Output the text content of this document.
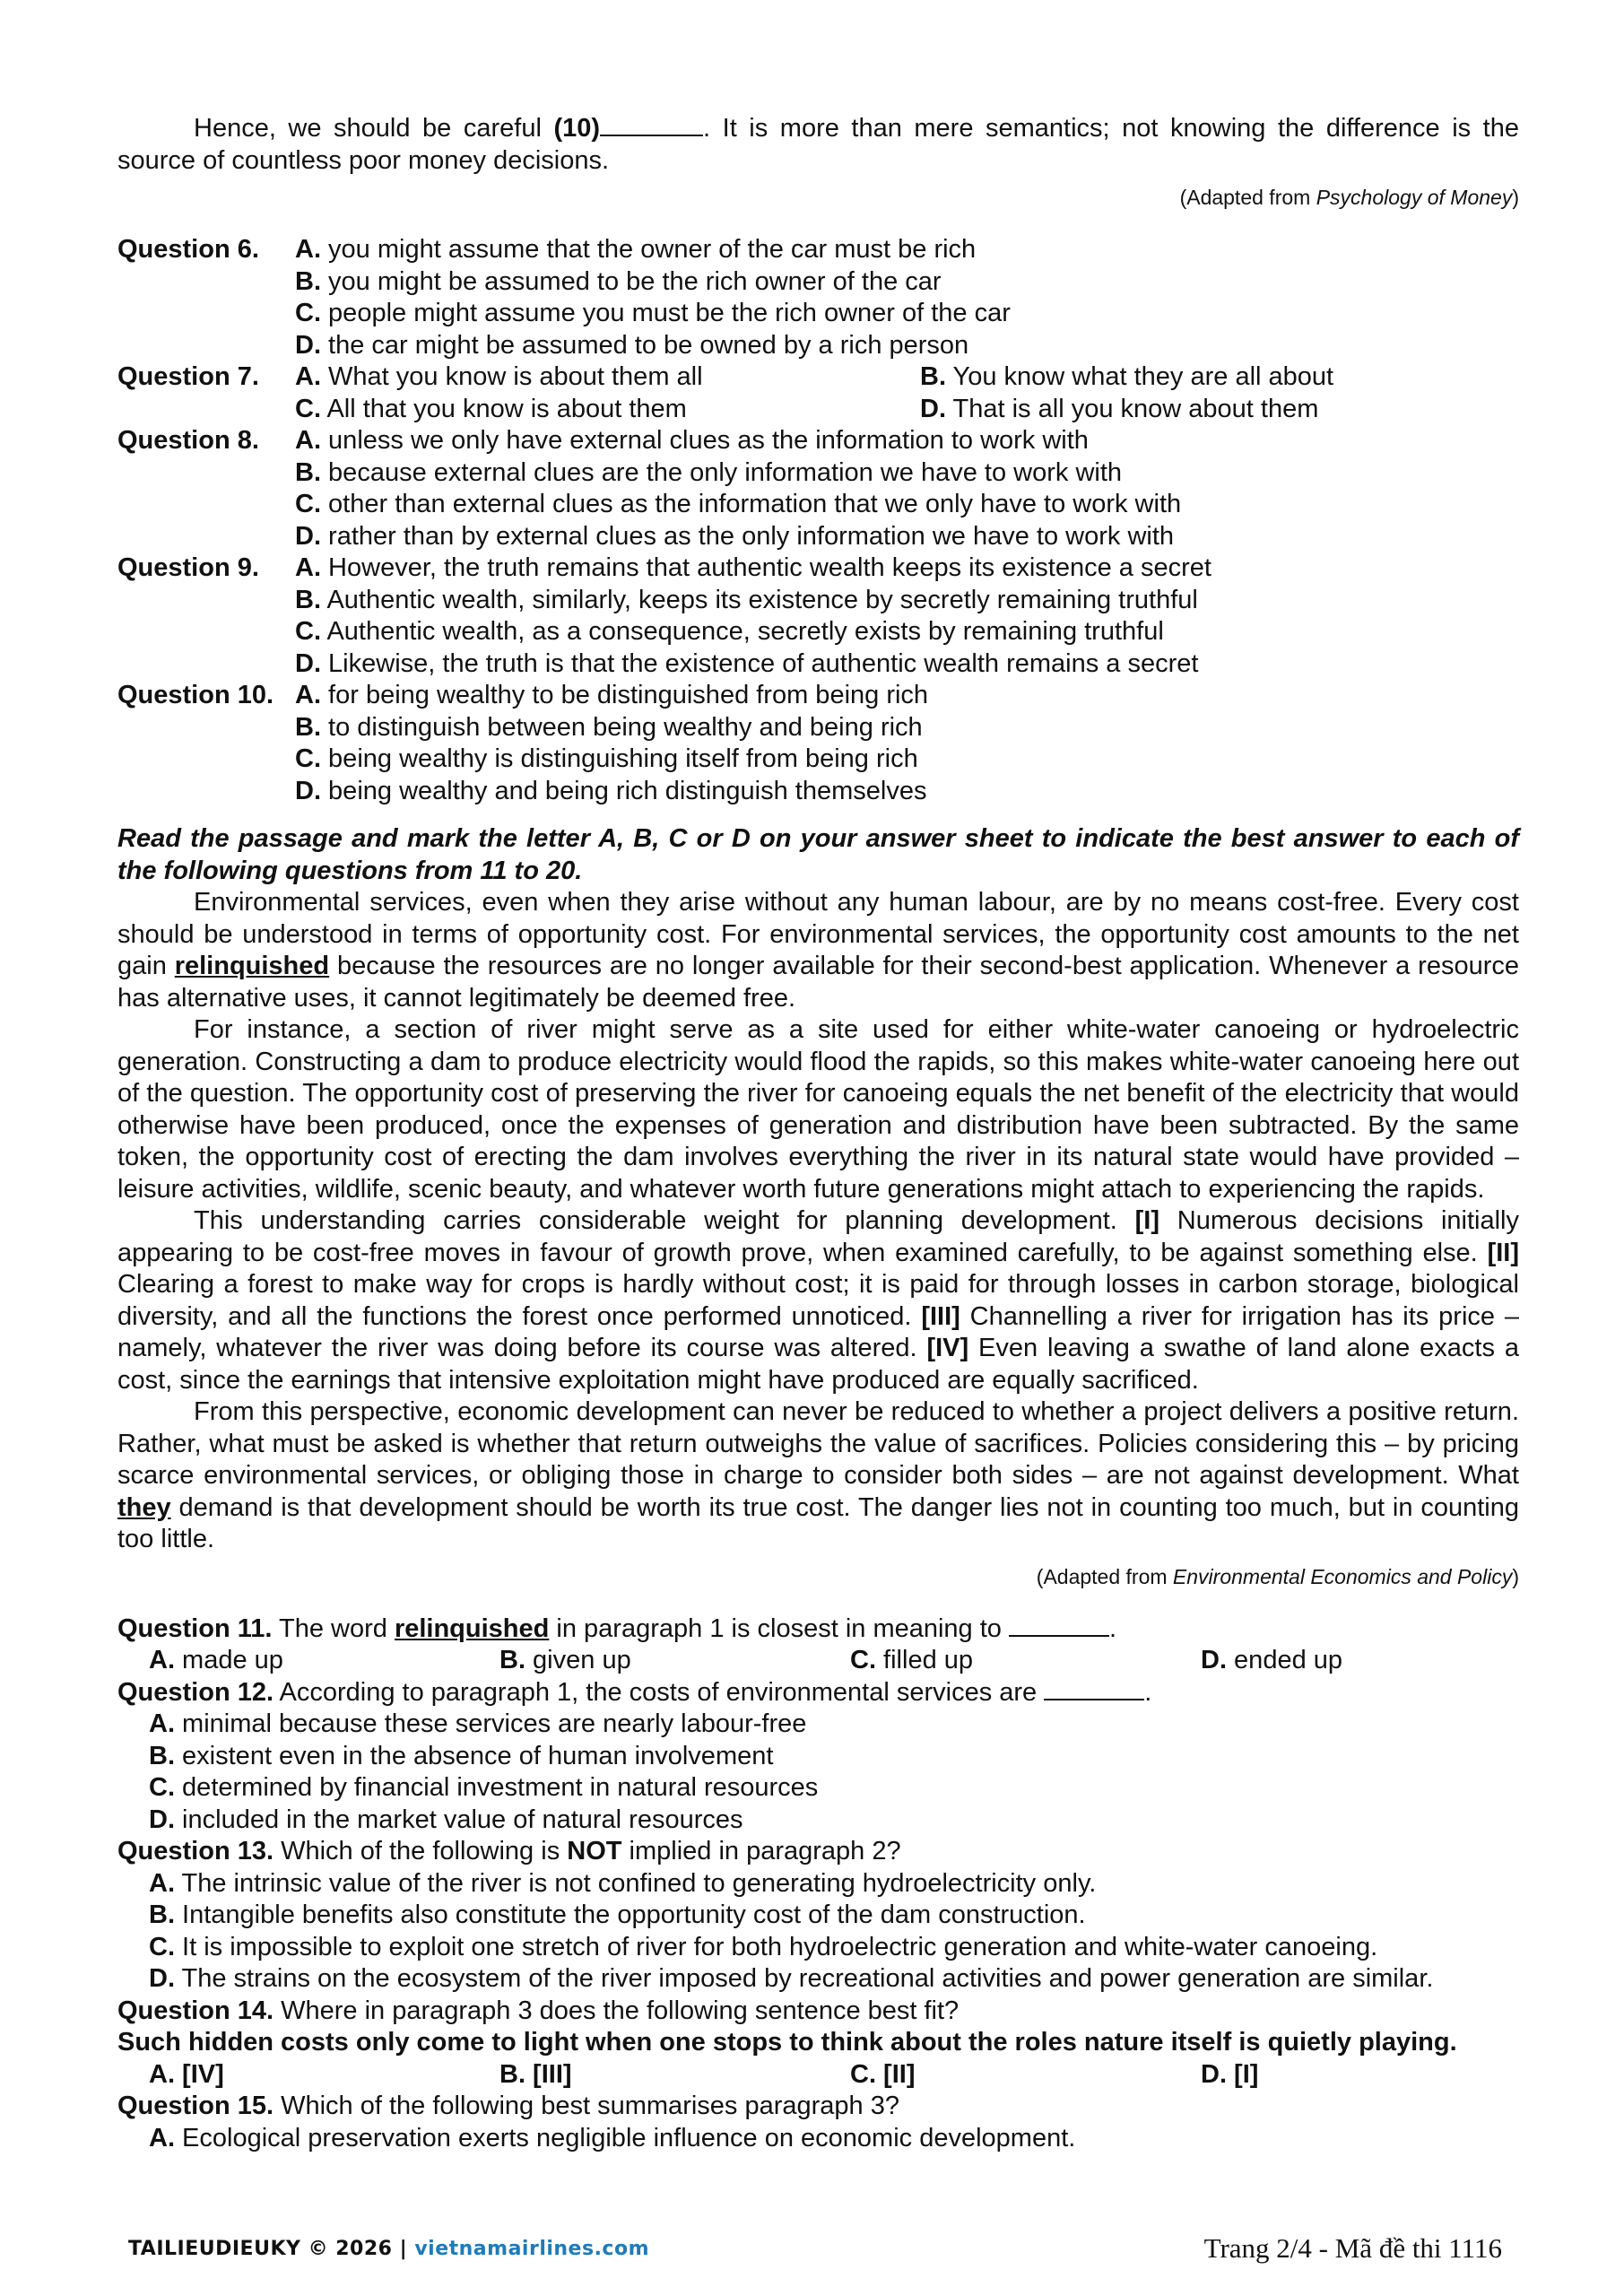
Hence, we should be careful (10)	. It is more than mere semantics; not knowing the difference is the source of countless poor money decisions.

(Adapted from Psychology of Money)

Question 6.	A. you might assume that the owner of the car must be rich
B. you might be assumed to be the rich owner of the car
C. people might assume you must be the rich owner of the car
D. the car might be assumed to be owned by a rich person
Question 7.	A. What you know is about them all	B. You know what they are all about
C. All that you know is about them	D. That is all you know about them
Question 8.	A. unless we only have external clues as the information to work with
B. because external clues are the only information we have to work with
C. other than external clues as the information that we only have to work with
D. rather than by external clues as the only information we have to work with
Question 9.	A. However, the truth remains that authentic wealth keeps its existence a secret
B. Authentic wealth, similarly, keeps its existence by secretly remaining truthful
C. Authentic wealth, as a consequence, secretly exists by remaining truthful
D. Likewise, the truth is that the existence of authentic wealth remains a secret
Question 10. A. for being wealthy to be distinguished from being rich
B. to distinguish between being wealthy and being rich
C. being wealthy is distinguishing itself from being rich
D. being wealthy and being rich distinguish themselves

Read the passage and mark the letter A, B, C or D on your answer sheet to indicate the best answer to each of the following questions from 11 to 20.

Environmental services, even when they arise without any human labour, are by no means cost-free. Every cost should be understood in terms of opportunity cost. For environmental services, the opportunity cost amounts to the net gain relinquished because the resources are no longer available for their second-best application. Whenever a resource has alternative uses, it cannot legitimately be deemed free.

For instance, a section of river might serve as a site used for either white-water canoeing or hydroelectric generation. Constructing a dam to produce electricity would flood the rapids, so this makes white-water canoeing here out of the question. The opportunity cost of preserving the river for canoeing equals the net benefit of the electricity that would otherwise have been produced, once the expenses of generation and distribution have been subtracted. By the same token, the opportunity cost of erecting the dam involves everything the river in its natural state would have provided – leisure activities, wildlife, scenic beauty, and whatever worth future generations might attach to experiencing the rapids.

This understanding carries considerable weight for planning development. [I] Numerous decisions initially appearing to be cost-free moves in favour of growth prove, when examined carefully, to be against something else. [II] Clearing a forest to make way for crops is hardly without cost; it is paid for through losses in carbon storage, biological diversity, and all the functions the forest once performed unnoticed. [III] Channelling a river for irrigation has its price – namely, whatever the river was doing before its course was altered. [IV] Even leaving a swathe of land alone exacts a cost, since the earnings that intensive exploitation might have produced are equally sacrificed.

From this perspective, economic development can never be reduced to whether a project delivers a positive return. Rather, what must be asked is whether that return outweighs the value of sacrifices. Policies considering this – by pricing scarce environmental services, or obliging those in charge to consider both sides – are not against development. What they demand is that development should be worth its true cost. The danger lies not in counting too much, but in counting too little.

(Adapted from Environmental Economics and Policy)

Question 11. The word relinquished in paragraph 1 is closest in meaning to	.

A. made up	B. given up	C. filled up	D. ended up

Question 12. According to paragraph 1, the costs of environmental services are	.

A. minimal because these services are nearly labour-free

B. existent even in the absence of human involvement

C. determined by financial investment in natural resources

D. included in the market value of natural resources

Question 13. Which of the following is NOT implied in paragraph 2?

A. The intrinsic value of the river is not confined to generating hydroelectricity only.

B. Intangible benefits also constitute the opportunity cost of the dam construction.

C. It is impossible to exploit one stretch of river for both hydroelectric generation and white-water canoeing.

D. The strains on the ecosystem of the river imposed by recreational activities and power generation are similar.

Question 14. Where in paragraph 3 does the following sentence best fit?

Such hidden costs only come to light when one stops to think about the roles nature itself is quietly playing.

A. [IV]	B. [III]	C. [II]	D. [I]

Question 15. Which of the following best summarises paragraph 3?

A. Ecological preservation exerts negligible influence on economic development.

TAILIEUDIEUKY © 2026 | vietnamairlines.com	Trang 2/4 - Mã đề thi 1116
